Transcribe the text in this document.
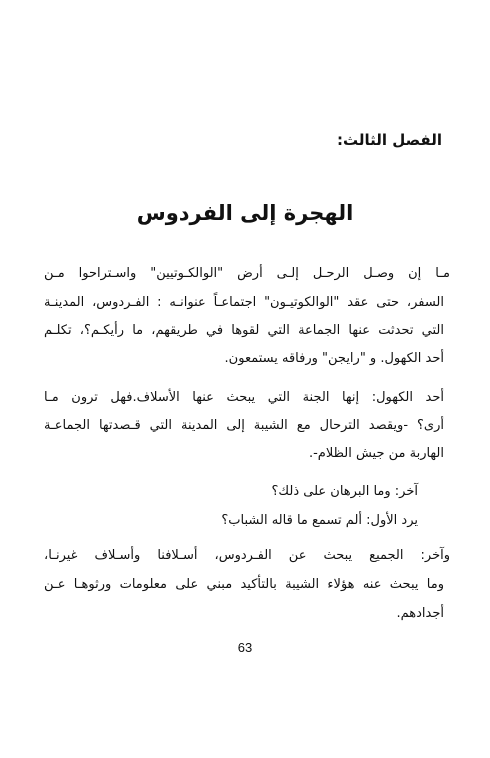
الفصل الثالث:
الهجرة إلى الفردوس
مـا إن وصـل الرحـل إلـى أرض "الوالكـوتيين" واسـتراحوا مـن
السفر، حتى عقد "الوالكوتيـون" اجتماعـاً عنوانـه : الفـردوس، المدينـة
التي تحدثت عنها الجماعة التي لقوها في طريقهم، ما رأيكـم؟، تكلـم
أحد الكهول. و "رايجن" ورفاقه يستمعون.
أحد الكهول: إنها الجنة التي يبحث عنها الأسلاف.فهل ترون مـا
أرى؟ -ويقصد الترحال مع الشيبة إلى المدينة التي قـصدتها الجماعـة
الهاربة من جيش الظلام-.
آخر: وما البرهان على ذلك؟
يرد الأول: ألم تسمع ما قاله الشباب؟
وآخر: الجميع يبحث عن الفـردوس، أسـلافنا وأسـلاف غيرنـا،
وما يبحث عنه هؤلاء الشيبة بالتأكيد مبني على معلومات ورثوهـا عـن
أجدادهم.
63
